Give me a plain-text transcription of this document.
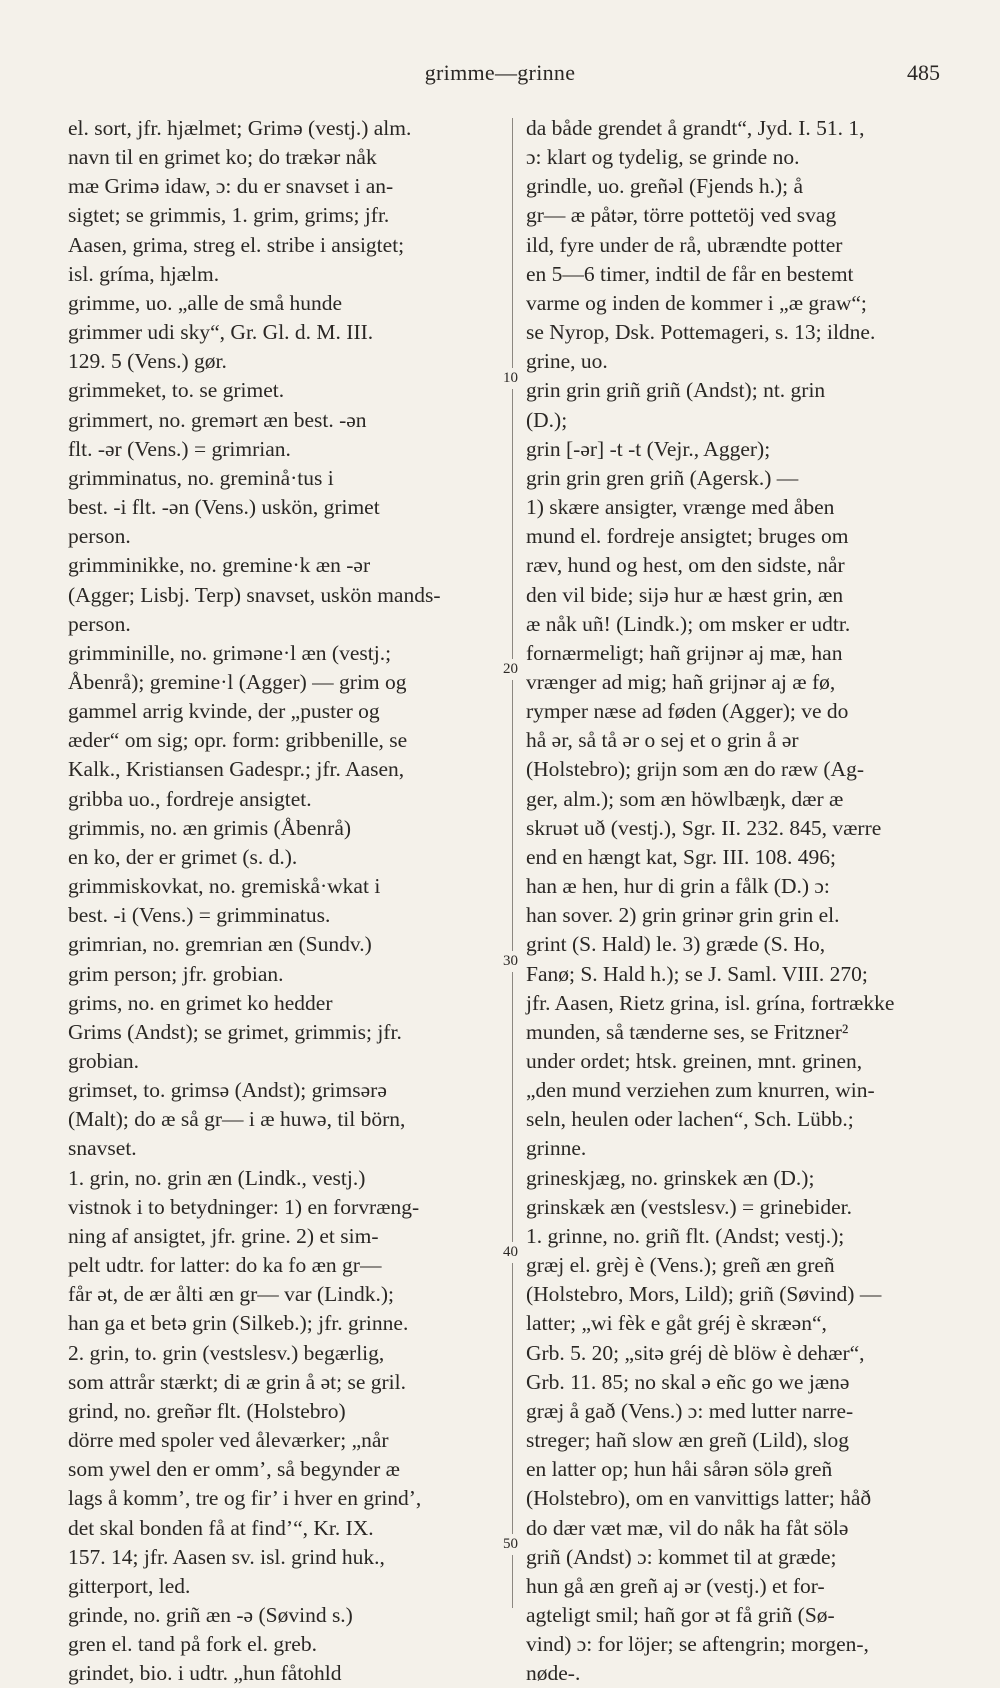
grimme—grinne	485
el. sort, jfr. hjælmet; Grimə (vestj.) alm.
navn til en grimet ko; do trækər nåk
mæ Grimə idaw, ɔ: du er snavset i an-
sigtet; se grimmis, 1. grim, grims; jfr.
Aasen, grima, streg el. stribe i ansigtet;
isl. gríma, hjælm.
grimme, uo. „alle de små hunde
grimmer udi sky“, Gr. Gl. d. M. III.
129. 5 (Vens.) gør.
grimmeket, to. se grimet.
grimmert, no. gremərt æn best. -ən
flt. -ər (Vens.) = grimrian.
grimminatus, no. greminå·tus i
best. -i flt. -ən (Vens.) uskön, grimet
person.
grimminikke, no. gremine·k æn -ər
(Agger; Lisbj. Terp) snavset, uskön mands-
person.
grimminille, no. griməne·l æn (vestj.;
Åbenrå); gremine·l (Agger) — grim og
gammel arrig kvinde, der „puster og
æder“ om sig; opr. form: gribbenille, se
Kalk., Kristiansen Gadespr.; jfr. Aasen,
gribba uo., fordreje ansigtet.
grimmis, no. æn grimis (Åbenrå)
en ko, der er grimet (s. d.).
grimmiskovkat, no. gremiskå·wkat i
best. -i (Vens.) = grimminatus.
grimrian, no. gremrian æn (Sundv.)
grim person; jfr. grobian.
grims, no. en grimet ko hedder
Grims (Andst); se grimet, grimmis; jfr.
grobian.
grimset, to. grimsə (Andst); grimsərə
(Malt); do æ så gr— i æ huwə, til börn,
snavset.
1. grin, no. grin æn (Lindk., vestj.)
vistnok i to betydninger: 1) en forvræng-
ning af ansigtet, jfr. grine. 2) et sim-
pelt udtr. for latter: do ka fo æn gr—
får ət, de ær ålti æn gr— var (Lindk.);
han ga et betə grin (Silkeb.); jfr. grinne.
2. grin, to. grin (vestslesv.) begærlig,
som attrår stærkt; di æ grin å ət; se gril.
grind, no. greñər flt. (Holstebro)
dörre med spoler ved åleværker; „når
som ywel den er omm’, så begynder æ
lags å komm’, tre og fir’ i hver en grind’,
det skal bonden få at find’“, Kr. IX.
157. 14; jfr. Aasen sv. isl. grind huk.,
gitterport, led.
grinde, no. griñ æn -ə (Søvind s.)
gren el. tand på fork el. greb.
grindet, bio. i udtr. „hun fåtohld
da både grendet å grandt“, Jyd. I. 51. 1,
ɔ: klart og tydelig, se grinde no.
grindle, uo. greñəl (Fjends h.); å
gr— æ påtər, törre pottetöj ved svag
ild, fyre under de rå, ubrændte potter
en 5—6 timer, indtil de får en bestemt
varme og inden de kommer i „æ graw“;
se Nyrop, Dsk. Pottemageri, s. 13; ildne.
grine, uo.
grin grin griñ griñ (Andst); nt. grin
(D.);
grin [-ər] -t -t (Vejr., Agger);
grin grin gren griñ (Agersk.) —
1) skære ansigter, vrænge med åben
mund el. fordreje ansigtet; bruges om
ræv, hund og hest, om den sidste, når
den vil bide; sijə hur æ hæst grin, æn
æ nåk uñ! (Lindk.); om msker er udtr.
fornærmeligt; hañ grijnər aj mæ, han
vrænger ad mig; hañ grijnər aj æ fø,
rymper næse ad føden (Agger); ve do
hå ər, så tå ər o sej et o grin å ər
(Holstebro); grijn som æn do ræw (Ag-
ger, alm.); som æn höwlbæŋk, dær æ
skruət uð (vestj.), Sgr. II. 232. 845, værre
end en hængt kat, Sgr. III. 108. 496;
han æ hen, hur di grin a fålk (D.) ɔ:
han sover. 2) grin grinər grin grin el.
grint (S. Hald) le. 3) græde (S. Ho,
Fanø; S. Hald h.); se J. Saml. VIII. 270;
jfr. Aasen, Rietz grina, isl. grína, fortrække
munden, så tænderne ses, se Fritzner²
under ordet; htsk. greinen, mnt. grinen,
„den mund verziehen zum knurren, win-
seln, heulen oder lachen“, Sch. Lübb.;
grinne.
grineskjæg, no. grinskek æn (D.);
grinskæk æn (vestslesv.) = grinebider.
1. grinne, no. griñ flt. (Andst; vestj.);
græj el. grèj è (Vens.); greñ æn greñ
(Holstebro, Mors, Lild); griñ (Søvind) —
latter; „wi fèk e gåt gréj è skræən“,
Grb. 5. 20; „sitə gréj dè blöw è dehær“,
Grb. 11. 85; no skal ə eñc go we jænə
græj å gað (Vens.) ɔ: med lutter narre-
streger; hañ slow æn greñ (Lild), slog
en latter op; hun håi sårən sölə greñ
(Holstebro), om en vanvittigs latter; håð
do dær væt mæ, vil do nåk ha fåt sölə
griñ (Andst) ɔ: kommet til at græde;
hun gå æn greñ aj ər (vestj.) et for-
agteligt smil; hañ gor ət få griñ (Sø-
vind) ɔ: for löjer; se aftengrin; morgen-,
nøde-.
10
20
30
40
50
